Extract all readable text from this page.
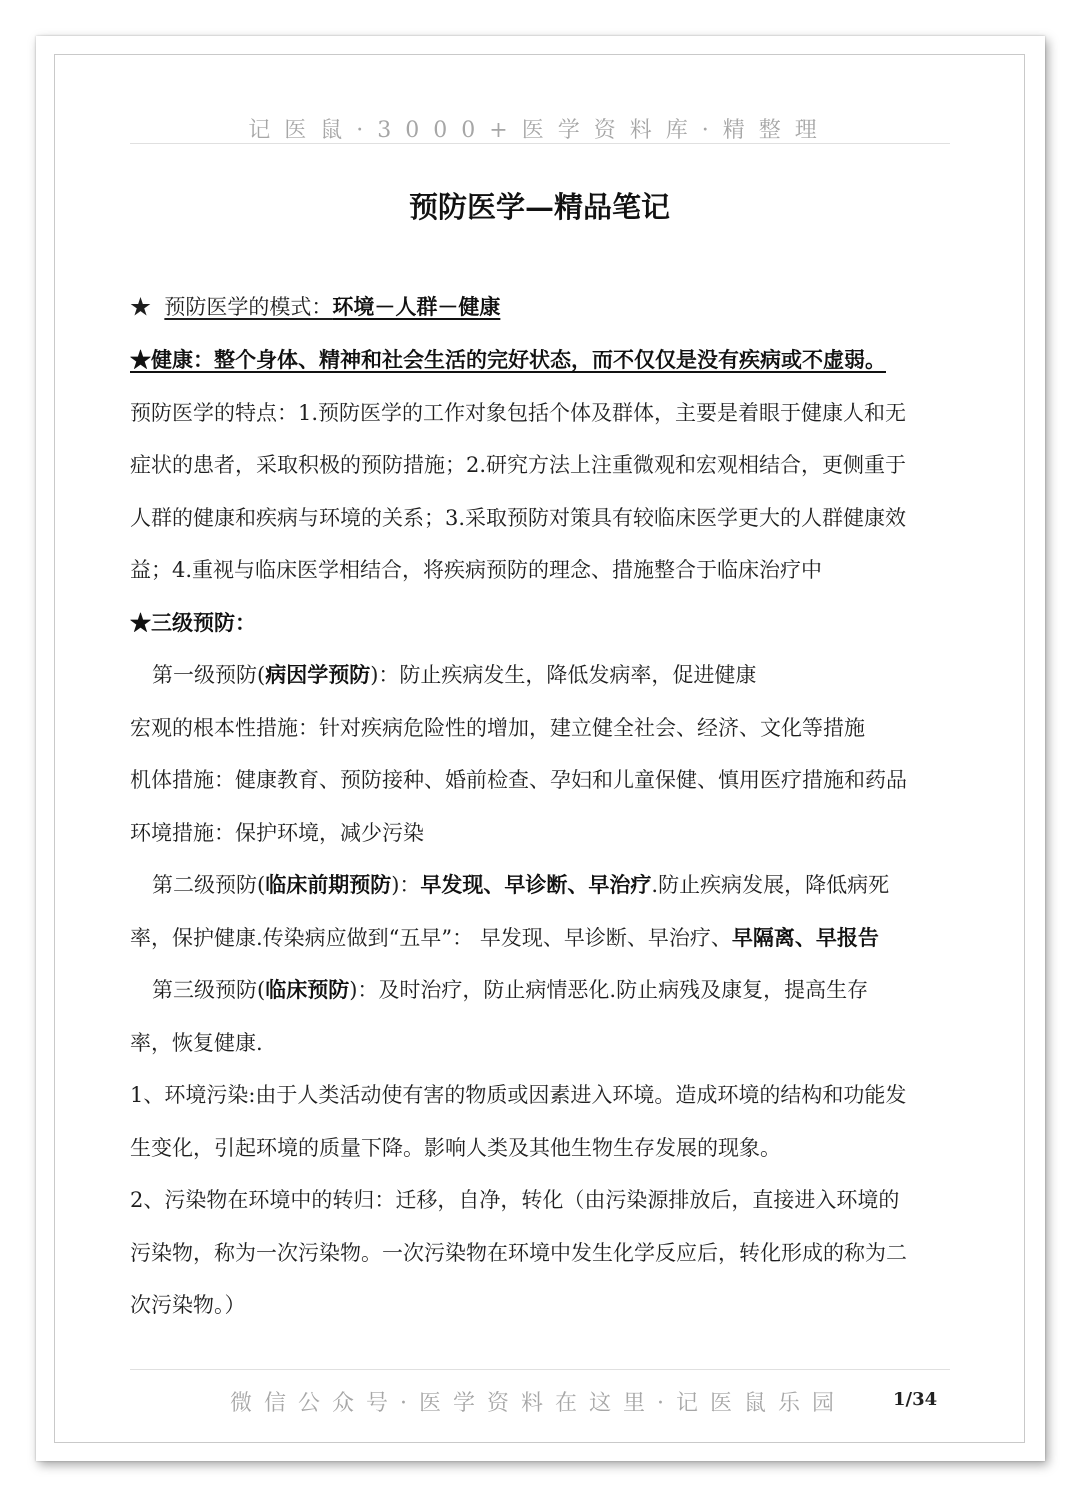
记医鼠·3000+医学资料库·精整理
预防医学—精品笔记
★ 预防医学的模式：环境－人群－健康
★健康：整个身体、精神和社会生活的完好状态，而不仅仅是没有疾病或不虚弱。
预防医学的特点：1.预防医学的工作对象包括个体及群体，主要是着眼于健康人和无
症状的患者，采取积极的预防措施；2.研究方法上注重微观和宏观相结合，更侧重于
人群的健康和疾病与环境的关系；3.采取预防对策具有较临床医学更大的人群健康效
益；4.重视与临床医学相结合，将疾病预防的理念、措施整合于临床治疗中
★三级预防：
第一级预防(病因学预防)：防止疾病发生，降低发病率，促进健康
宏观的根本性措施：针对疾病危险性的增加，建立健全社会、经济、文化等措施
机体措施：健康教育、预防接种、婚前检查、孕妇和儿童保健、慎用医疗措施和药品
环境措施：保护环境，减少污染
第二级预防(临床前期预防)：早发现、早诊断、早治疗.防止疾病发展，降低病死
率，保护健康.传染病应做到“五早”： 早发现、早诊断、早治疗、早隔离、早报告
第三级预防(临床预防)：及时治疗，防止病情恶化.防止病残及康复，提高生存
率，恢复健康.
1、环境污染:由于人类活动使有害的物质或因素进入环境。造成环境的结构和功能发
生变化，引起环境的质量下降。影响人类及其他生物生存发展的现象。
2、污染物在环境中的转归：迁移，自净，转化（由污染源排放后，直接进入环境的
污染物，称为一次污染物。一次污染物在环境中发生化学反应后，转化形成的称为二
次污染物。）
微信公众号·医学资料在这里·记医鼠乐园	1/34
